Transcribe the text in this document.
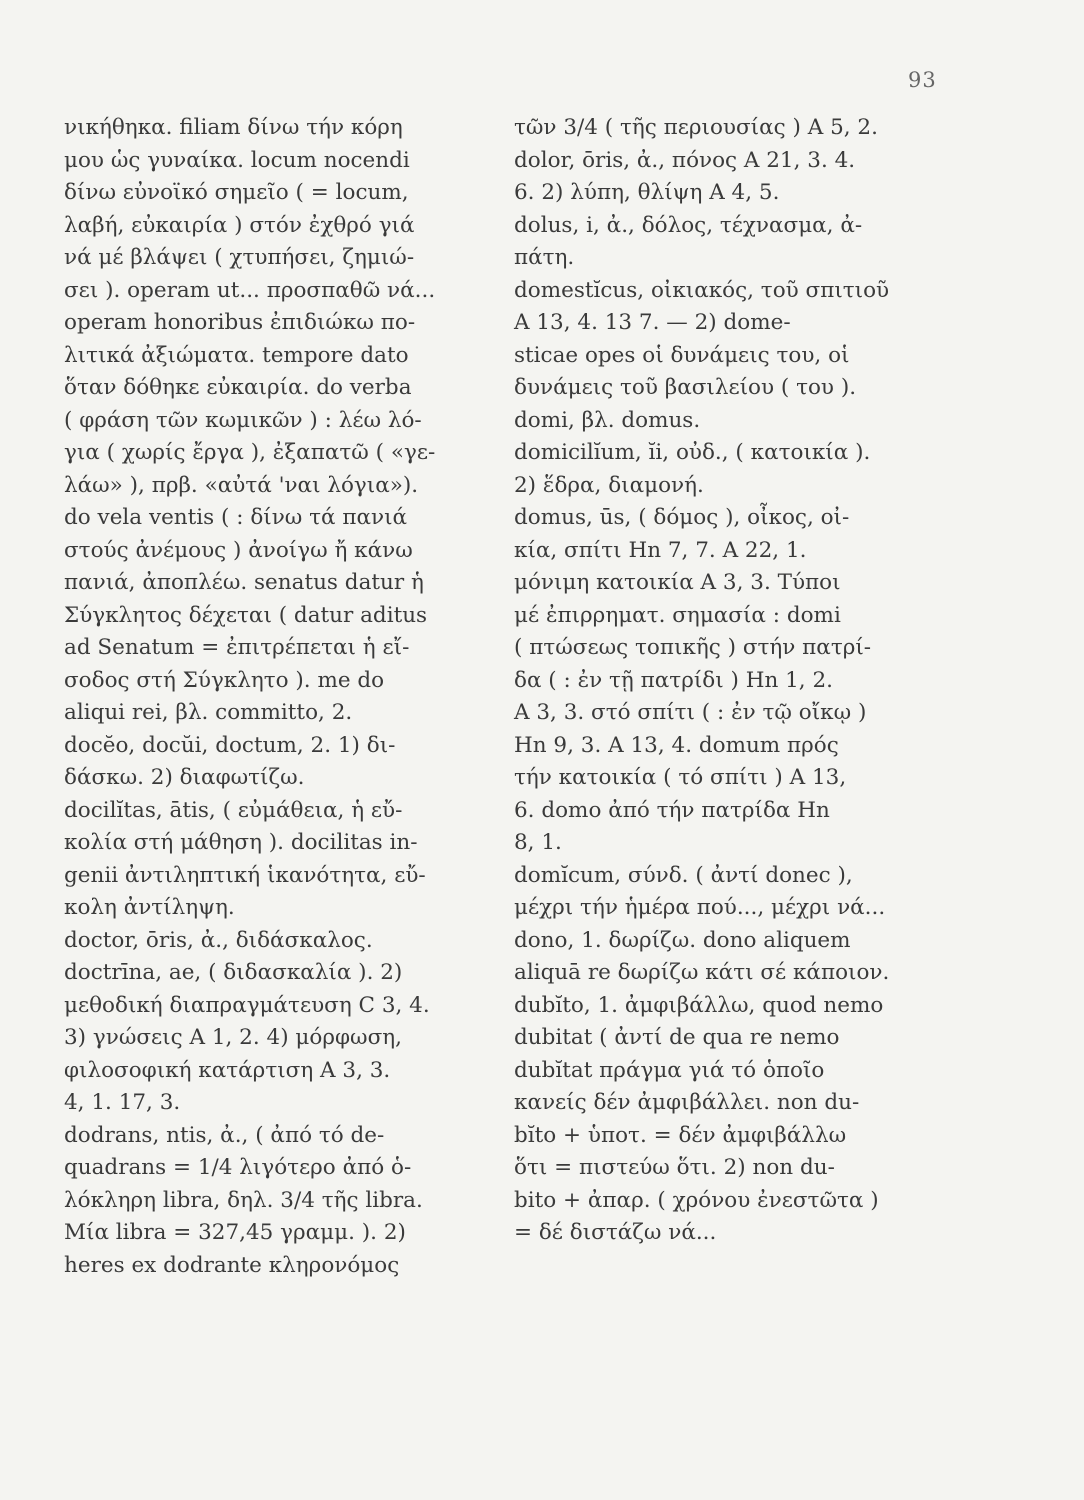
93
νικήθηκα. filiam δίνω τήν κόρη
μου ὡς γυναίκα. locum nocendi
δίνω εὐνοϊκό σημεῖο ( = locum,
λαβή, εὐκαιρία ) στόν ἐχθρό γιά
νά μέ βλάψει ( χτυπήσει, ζημιώ-
σει ). operam ut... προσπαθῶ νά...
operam honoribus ἐπιδιώκω πο-
λιτικά ἀξιώματα. tempore dato
ὅταν δόθηκε εὐκαιρία. do verba
( φράση τῶν κωμικῶν ) : λέω λό-
για ( χωρίς ἔργα ), ἐξαπατῶ ( «γε-
λάω» ), πρβ. «αὐτά 'ναι λόγια»).
do vela ventis ( : δίνω τά πανιά
στούς ἀνέμους ) ἀνοίγω ἤ κάνω
πανιά, ἀποπλέω. senatus datur ἡ
Σύγκλητος δέχεται ( datur aditus
ad Senatum = ἐπιτρέπεται ἡ εἴ-
σοδος στή Σύγκλητο ). me do
aliqui rei, βλ. committo, 2.
docĕo, docŭi, doctum, 2. 1) δι-
δάσκω. 2) διαφωτίζω.
docilĭtas, ātis, ( εὐμάθεια, ἡ εὔ-
κολία στή μάθηση ). docilitas in-
genii ἀντιληπτική ἱκανότητα, εὔ-
κολη ἀντίληψη.
doctor, ōris, ἀ., διδάσκαλος.
doctrīna, ae, ( διδασκαλία ). 2)
μεθοδική διαπραγμάτευση C 3, 4.
3) γνώσεις A 1, 2. 4) μόρφωση,
φιλοσοφική κατάρτιση A 3, 3.
4, 1. 17, 3.
dodrans, ntis, ἀ., ( ἀπό τό de-
quadrans = 1/4 λιγότερο ἀπό ὁ-
λόκληρη libra, δηλ. 3/4 τῆς libra.
Μία libra = 327,45 γραμμ. ). 2)
heres ex dodrante κληρονόμος
τῶν 3/4 ( τῆς περιουσίας ) A 5, 2.
dolor, ōris, ἀ., πόνος A 21, 3. 4.
6. 2) λύπη, θλίψη A 4, 5.
dolus, i, ἀ., δόλος, τέχνασμα, ἀ-
πάτη.
domestĭcus, οἰκιακός, τοῦ σπιτιοῦ
A 13, 4. 13 7. — 2) dome-
sticae opes οἱ δυνάμεις του, οἱ
δυνάμεις τοῦ βασιλείου ( του ).
domi, βλ. domus.
domicilĭum, ĭi, οὐδ., ( κατοικία ).
2) ἕδρα, διαμονή.
domus, ūs, ( δόμος ), οἶκος, οἰ-
κία, σπίτι Hn 7, 7. A 22, 1.
μόνιμη κατοικία A 3, 3. Τύποι
μέ ἐπιρρηματ. σημασία : domi
( πτώσεως τοπικῆς ) στήν πατρί-
δα ( : ἐν τῇ πατρίδι ) Hn 1, 2.
A 3, 3. στό σπίτι ( : ἐν τῷ οἴκῳ )
Hn 9, 3. A 13, 4. domum πρός
τήν κατοικία ( τό σπίτι ) A 13,
6. domo ἀπό τήν πατρίδα Hn
8, 1.
domĭcum, σύνδ. ( ἀντί donec ),
μέχρι τήν ἡμέρα πού..., μέχρι νά...
dono, 1. δωρίζω. dono aliquem
aliquā re δωρίζω κάτι σέ κάποιον.
dubĭto, 1. ἀμφιβάλλω, quod nemo
dubitat ( ἀντί de qua re nemo
dubĭtat πράγμα γιά τό ὁποῖο
κανείς δέν ἀμφιβάλλει. non du-
bĭto + ὑποτ. = δέν ἀμφιβάλλω
ὅτι = πιστεύω ὅτι. 2) non du-
bito + ἀπαρ. ( χρόνου ἐνεστῶτα )
= δέ διστάζω νά...
